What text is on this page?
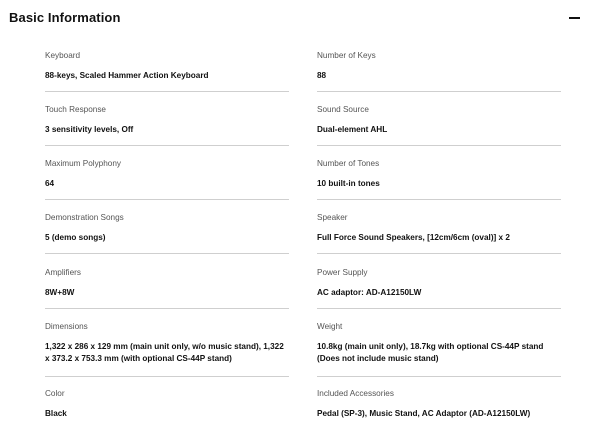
Basic Information
Keyboard
88-keys, Scaled Hammer Action Keyboard
Number of Keys
88
Touch Response
3 sensitivity levels, Off
Sound Source
Dual-element AHL
Maximum Polyphony
64
Number of Tones
10 built-in tones
Demonstration Songs
5 (demo songs)
Speaker
Full Force Sound Speakers, [12cm/6cm (oval)] x 2
Amplifiers
8W+8W
Power Supply
AC adaptor: AD-A12150LW
Dimensions
1,322 x 286 x 129 mm (main unit only, w/o music stand), 1,322 x 373.2 x 753.3 mm (with optional CS-44P stand)
Weight
10.8kg (main unit only), 18.7kg with optional CS-44P stand (Does not include music stand)
Color
Black
Included Accessories
Pedal (SP-3), Music Stand, AC Adaptor (AD-A12150LW)
